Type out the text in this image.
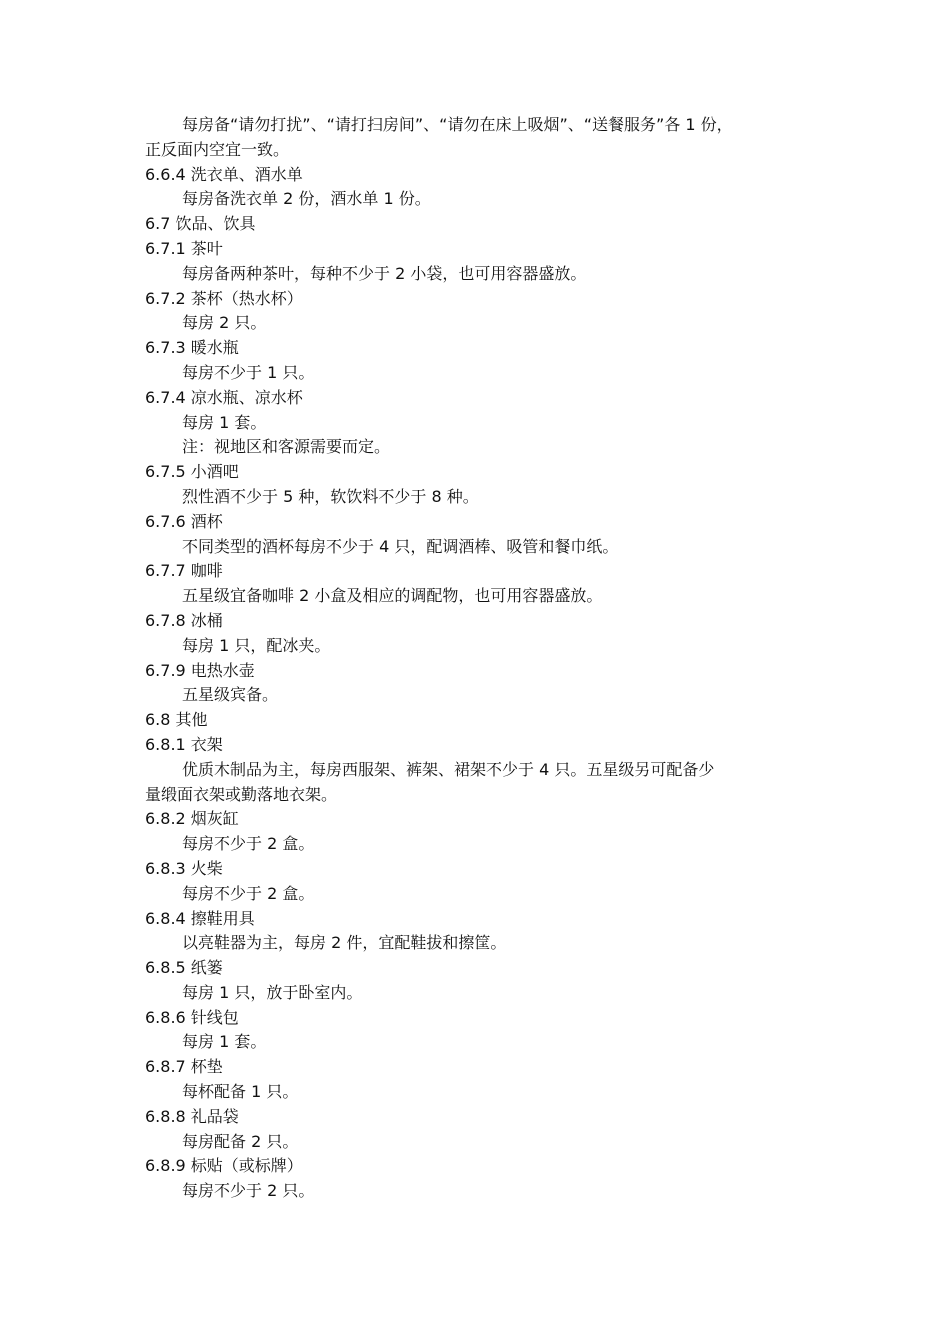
每房备“请勿打扰”、“请打扫房间”、“请勿在床上吸烟”、“送餐服务”各 1 份，
正反面内空宜一致。
6.6.4 洗衣单、酒水单
每房备洗衣单 2 份，酒水单 1 份。
6.7 饮品、饮具
6.7.1 茶叶
每房备两种茶叶，每种不少于 2 小袋，也可用容器盛放。
6.7.2 茶杯（热水杯）
每房 2 只。
6.7.3 暖水瓶
每房不少于 1 只。
6.7.4 凉水瓶、凉水杯
每房 1 套。
注：视地区和客源需要而定。
6.7.5 小酒吧
烈性酒不少于 5 种，软饮料不少于 8 种。
6.7.6 酒杯
不同类型的酒杯每房不少于 4 只，配调酒棒、吸管和餐巾纸。
6.7.7 咖啡
五星级宜备咖啡 2 小盒及相应的调配物，也可用容器盛放。
6.7.8 冰桶
每房 1 只，配冰夹。
6.7.9 电热水壶
五星级宾备。
6.8 其他
6.8.1 衣架
优质木制品为主，每房西服架、裤架、裙架不少于 4 只。五星级另可配备少
量缎面衣架或勤落地衣架。
6.8.2 烟灰缸
每房不少于 2 盒。
6.8.3 火柴
每房不少于 2 盒。
6.8.4 擦鞋用具
以亮鞋器为主，每房 2 件，宜配鞋拔和擦筐。
6.8.5 纸篓
每房 1 只，放于卧室内。
6.8.6 针线包
每房 1 套。
6.8.7 杯垫
每杯配备 1 只。
6.8.8 礼品袋
每房配备 2 只。
6.8.9 标贴（或标牌）
每房不少于 2 只。
